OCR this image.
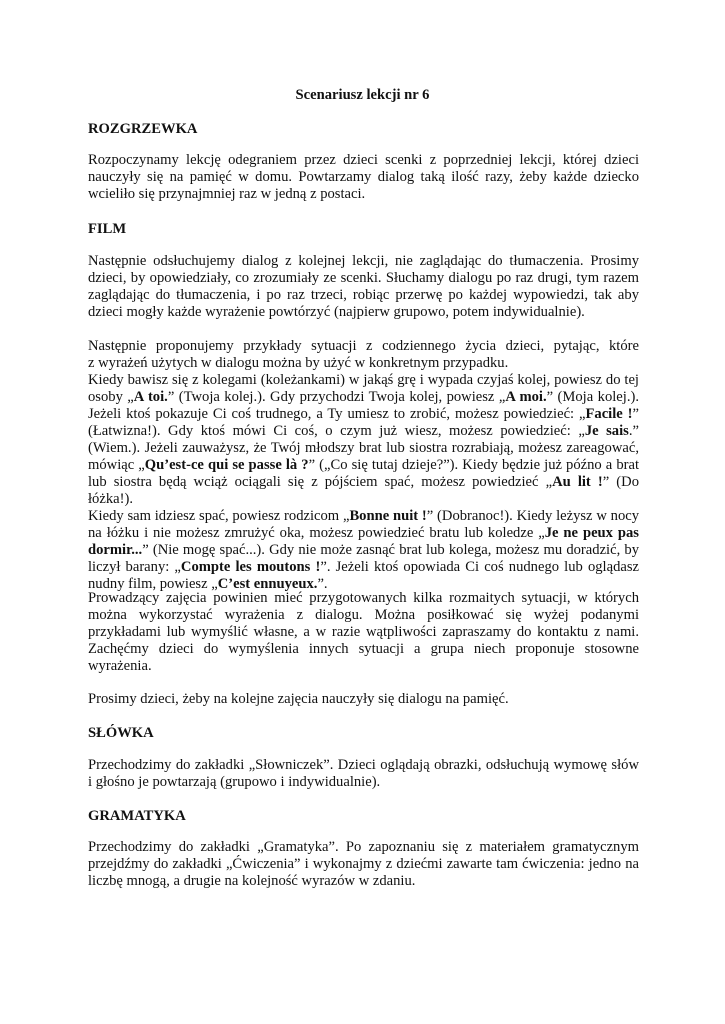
Scenariusz lekcji nr 6
ROZGRZEWKA
Rozpoczynamy lekcję odegraniem przez dzieci scenki z poprzedniej lekcji, której dzieci
nauczyły się na pamięć w domu. Powtarzamy dialog taką ilość razy, żeby każde dziecko
wcieliło się przynajmniej raz w jedną z postaci.
FILM
Następnie odsłuchujemy dialog z kolejnej lekcji, nie zaglądając do tłumaczenia. Prosimy
dzieci, by opowiedziały, co zrozumiały ze scenki. Słuchamy dialogu po raz drugi, tym razem
zaglądając do tłumaczenia, i po raz trzeci, robiąc przerwę po każdej wypowiedzi, tak aby
dzieci mogły każde wyrażenie powtórzyć (najpierw grupowo, potem indywidualnie).
Następnie proponujemy przykłady sytuacji z codziennego życia dzieci, pytając, które
z wyrażeń użytych w dialogu można by użyć w konkretnym przypadku.
Kiedy bawisz się z kolegami (koleżankami) w jakąś grę i wypada czyjaś kolej, powiesz do tej
osoby „A toi.” (Twoja kolej.). Gdy przychodzi Twoja kolej, powiesz „A moi.” (Moja kolej.).
Jeżeli ktoś pokazuje Ci coś trudnego, a Ty umiesz to zrobić, możesz powiedzieć: „Facile !”
(Łatwizna!). Gdy ktoś mówi Ci coś, o czym już wiesz, możesz powiedzieć: „Je sais.”
(Wiem.). Jeżeli zauważysz, że Twój młodszy brat lub siostra rozrabiają, możesz zareagować,
mówiąc „Qu’est-ce qui se passe là ?” („Co się tutaj dzieje?”). Kiedy będzie już późno a brat
lub siostra będą wciąż ociągali się z pójściem spać, możesz powiedzieć „Au lit !” (Do łóżka!).
Kiedy sam idziesz spać, powiesz rodzicom „Bonne nuit !” (Dobranoc!). Kiedy leżysz w nocy
na łóżku i nie możesz zmrużyć oka, możesz powiedzieć bratu lub koledze „Je ne peux pas
dormir...” (Nie mogę spać...). Gdy nie może zasnąć brat lub kolega, możesz mu doradzić, by
liczył barany: „Compte les moutons !”. Jeżeli ktoś opowiada Ci coś nudnego lub oglądasz
nudny film, powiesz „C’est ennuyeux.”.
Prowadzący zajęcia powinien mieć przygotowanych kilka rozmaitych sytuacji, w których
można wykorzystać wyrażenia z dialogu. Można posiłkować się wyżej podanymi
przykładami lub wymyślić własne, a w razie wątpliwości zapraszamy do kontaktu z nami.
Zachęćmy dzieci do wymyślenia innych sytuacji a grupa niech proponuje stosowne
wyrażenia.
Prosimy dzieci, żeby na kolejne zajęcia nauczyły się dialogu na pamięć.
SŁÓWKA
Przechodzimy do zakładki „Słowniczek”. Dzieci oglądają obrazki, odsłuchują wymowę słów
i głośno je powtarzają (grupowo i indywidualnie).
GRAMATYKA
Przechodzimy do zakładki „Gramatyka”. Po zapoznaniu się z materiałem gramatycznym
przejdźmy do zakładki „Ćwiczenia” i wykonajmy z dziećmi zawarte tam ćwiczenia: jedno na
liczbę mnogą, a drugie na kolejność wyrazów w zdaniu.
